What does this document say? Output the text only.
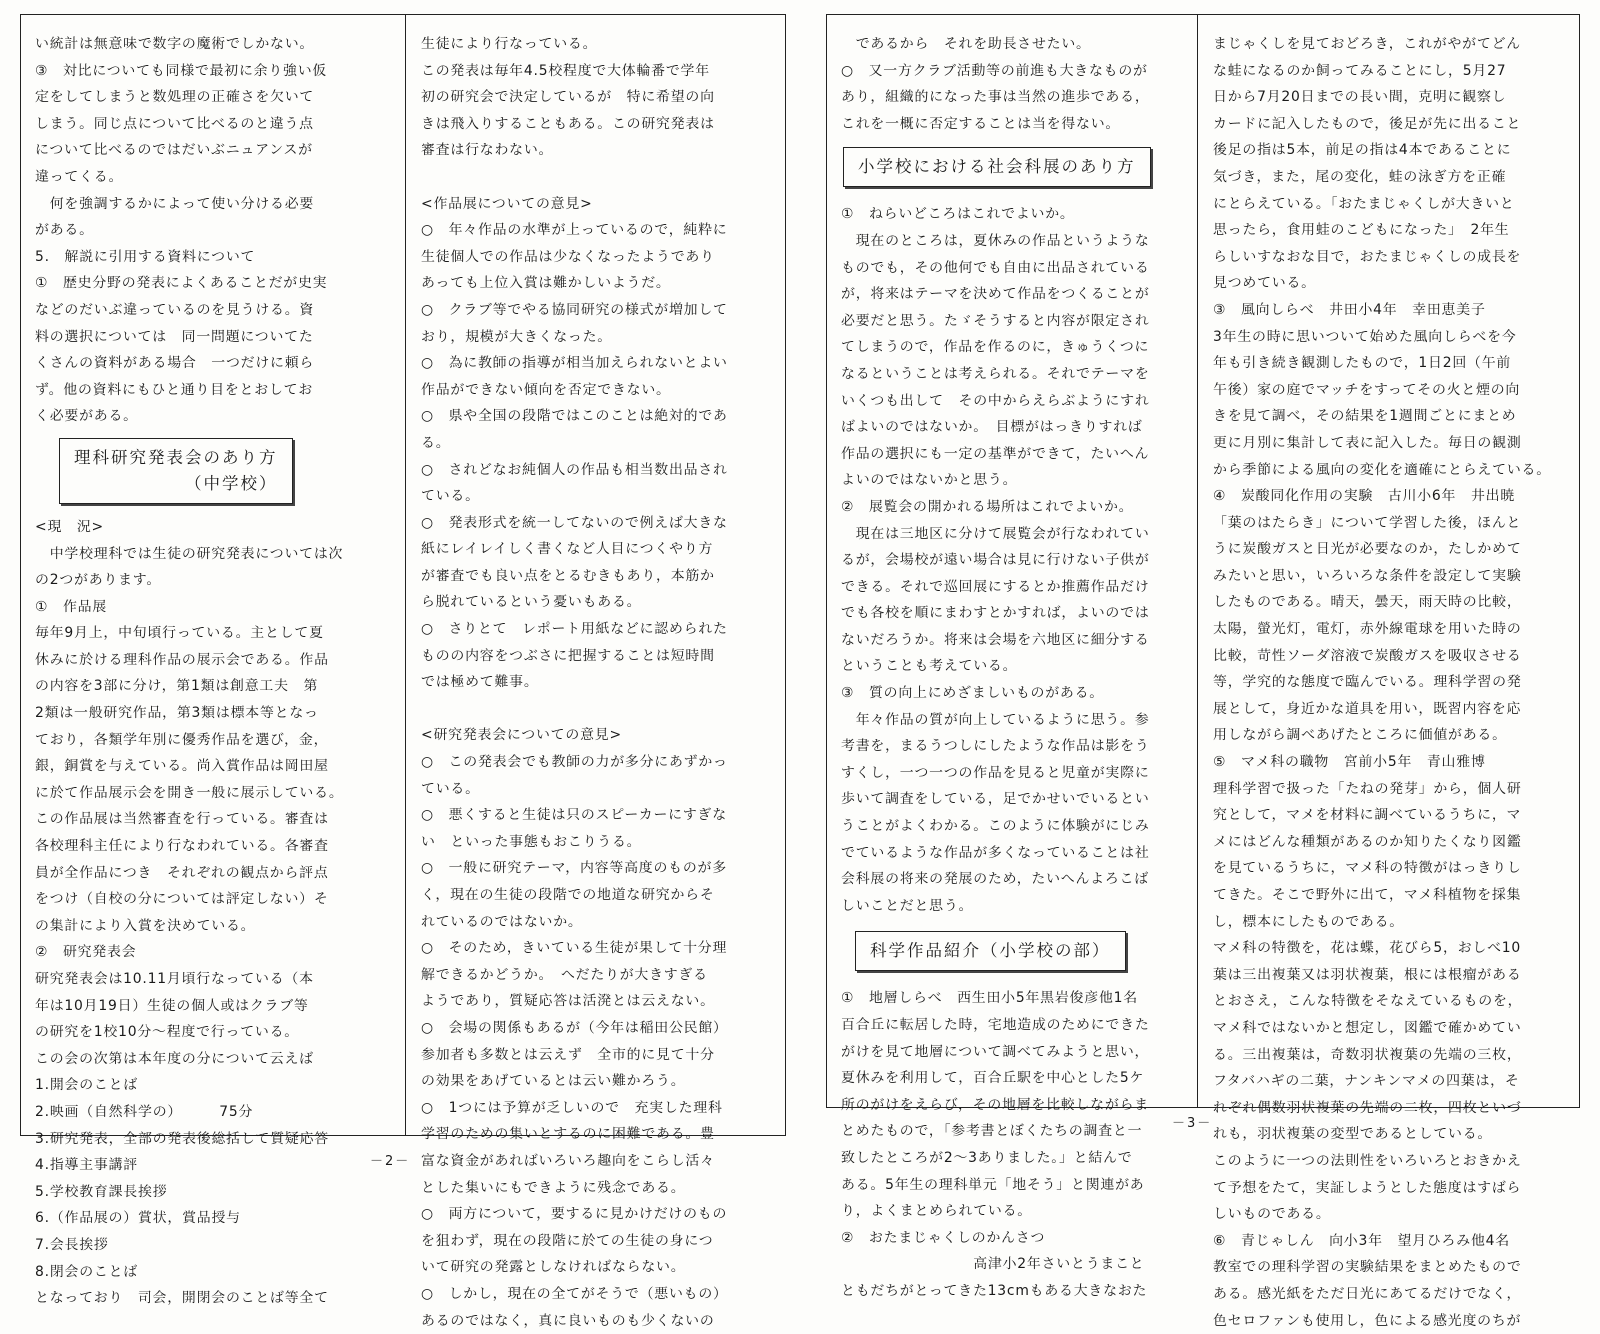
い統計は無意味で数字の魔術でしかない。

③　対比についても同様で最初に余り強い仮

定をしてしまうと数処理の正確さを欠いて

しまう。同じ点について比べるのと違う点

について比べるのではだいぶニュアンスが

違ってくる。

　何を強調するかによって使い分ける必要

がある。

5.　解説に引用する資料について

①　歴史分野の発表によくあることだが史実

などのだいぶ違っているのを見うける。資

料の選択については　同一問題についてた

くさんの資料がある場合　一つだけに頼ら

ず。他の資料にもひと通り目をとおしてお

く必要がある。

理科研究発表会のあり方
（中学校）

<現　況>

　中学校理科では生徒の研究発表については次

の2つがあります。

①　作品展

毎年9月上，中旬頃行っている。主として夏

休みに於ける理科作品の展示会である。作品

の内容を3部に分け，第1類は創意工夫　第

2類は一般研究作品，第3類は標本等となっ

ており，各類学年別に優秀作品を選び，金，

銀，銅賞を与えている。尚入賞作品は岡田屋

に於て作品展示会を開き一般に展示している。

この作品展は当然審査を行っている。審査は

各校理科主任により行なわれている。各審査

員が全作品につき　それぞれの観点から評点

をつけ（自校の分については評定しない）そ

の集計により入賞を決めている。

②　研究発表会

研究発表会は10.11月頃行なっている（本

年は10月19日）生徒の個人或はクラブ等

の研究を1校10分～程度で行っている。

この会の次第は本年度の分について云えば

1.開会のことば

2.映画（自然科学の）　　　75分

3.研究発表，全部の発表後総括して質疑応答

4.指導主事講評

5.学校教育課長挨拶

6.（作品展の）賞状，賞品授与

7.会長挨拶

8.閉会のことば

となっており　司会，開閉会のことば等全て

生徒により行なっている。

この発表は毎年4.5校程度で大体輪番で学年

初の研究会で決定しているが　特に希望の向

きは飛入りすることもある。この研究発表は

審査は行なわない。

<作品展についての意見>

○　年々作品の水準が上っているので，純粋に

生徒個人での作品は少なくなったようであり

あっても上位入賞は難かしいようだ。

○　クラブ等でやる協同研究の様式が増加して

おり，規模が大きくなった。

○　為に教師の指導が相当加えられないとよい

作品ができない傾向を否定できない。

○　県や全国の段階ではこのことは絶対的であ

る。

○　されどなお純個人の作品も相当数出品され

ている。

○　発表形式を統一してないので例えば大きな

紙にレイレイしく書くなど人目につくやり方

が審査でも良い点をとるむきもあり，本筋か

ら脱れているという憂いもある。

○　さりとて　レポート用紙などに認められた

ものの内容をつぶさに把握することは短時間

では極めて難事。

<研究発表会についての意見>

○　この発表会でも教師の力が多分にあずかっ

ている。

○　悪くすると生徒は只のスピーカーにすぎな

い　といった事態もおこりうる。

○　一般に研究テーマ，内容等高度のものが多

く，現在の生徒の段階での地道な研究からそ

れているのではないか。

○　そのため，きいている生徒が果して十分理

解できるかどうか。　へだたりが大きすぎる

ようであり，質疑応答は活溌とは云えない。

○　会場の関係もあるが（今年は稲田公民館）

参加者も多数とは云えず　全市的に見て十分

の効果をあげているとは云い難かろう。

○　1つには予算が乏しいので　充実した理科

学習のための集いとするのに困難である。豊

富な資金があればいろいろ趣向をこらし活々

とした集いにもできように残念である。

○　両方について，要するに見かけだけのもの

を狙わず，現在の段階に於ての生徒の身につ

いて研究の発露としなければならない。

○　しかし，現在の全てがそうで（悪いもの）

あるのではなく，真に良いものも少くないの

－2－

　であるから　それを助長させたい。

○　又一方クラブ活動等の前進も大きなものが

あり，組織的になった事は当然の進歩である，

これを一概に否定することは当を得ない。

小学校における社会科展のあり方

①　ねらいどころはこれでよいか。

　現在のところは，夏休みの作品というような

ものでも，その他何でも自由に出品されている

が，将来はテーマを決めて作品をつくることが

必要だと思う。たゞそうすると内容が限定され

てしまうので，作品を作るのに，きゅうくつに

なるということは考えられる。それでテーマを

いくつも出して　その中からえらぶようにすれ

ばよいのではないか。　目標がはっきりすれば

作品の選択にも一定の基準ができて，たいへん

よいのではないかと思う。

②　展覧会の開かれる場所はこれでよいか。

　現在は三地区に分けて展覧会が行なわれてい

るが，会場校が遠い場合は見に行けない子供が

できる。それで巡回展にするとか推薦作品だけ

でも各校を順にまわすとかすれば，よいのでは

ないだろうか。将来は会場を六地区に細分する

ということも考えている。

③　質の向上にめざましいものがある。

　年々作品の質が向上しているように思う。参

考書を，まるうつしにしたような作品は影をう

すくし，一つ一つの作品を見ると児童が実際に

歩いて調査をしている，足でかせいでいるとい

うことがよくわかる。このように体験がにじみ

でているような作品が多くなっていることは社

会科展の将来の発展のため，たいへんよろこば

しいことだと思う。

科学作品紹介（小学校の部）

①　地層しらべ　西生田小5年黒岩俊彦他1名

百合丘に転居した時，宅地造成のためにできた

がけを見て地層について調べてみようと思い，

夏休みを利用して，百合丘駅を中心とした5ケ

所のがけをえらび，その地層を比較しながらま

とめたもので，「参考書とぼくたちの調査と一

致したところが2～3ありました。」と結んで

ある。5年生の理科単元「地そう」と関連があ

り，よくまとめられている。

②　おたまじゃくしのかんさつ

　　　　　　　　　高津小2年さいとうまこと

ともだちがとってきた13cmもある大きなおた

まじゃくしを見ておどろき，これがやがてどん

な蛙になるのか飼ってみることにし，5月27

日から7月20日までの長い間，克明に観察し

カードに記入したもので，後足が先に出ること

後足の指は5本，前足の指は4本であることに

気づき，また，尾の変化，蛙の泳ぎ方を正確

にとらえている。「おたまじゃくしが大きいと

思ったら，食用蛙のこどもになった」　2年生

らしいすなおな目で，おたまじゃくしの成長を

見つめている。

③　風向しらべ　井田小4年　幸田恵美子

3年生の時に思いついて始めた風向しらべを今

年も引き続き観測したもので，1日2回（午前

午後）家の庭でマッチをすってその火と煙の向

きを見て調べ，その結果を1週間ごとにまとめ

更に月別に集計して表に記入した。毎日の観測

から季節による風向の変化を適確にとらえている。

④　炭酸同化作用の実験　古川小6年　井出暁

「葉のはたらき」について学習した後，ほんと

うに炭酸ガスと日光が必要なのか，たしかめて

みたいと思い，いろいろな条件を設定して実験

したものである。晴天，曇天，雨天時の比較，

太陽，螢光灯，電灯，赤外線電球を用いた時の

比較，苛性ソーダ溶液で炭酸ガスを吸収させる

等，学究的な態度で臨んでいる。理科学習の発

展として，身近かな道具を用い，既習内容を応

用しながら調べあげたところに価値がある。

⑤　マメ科の職物　宮前小5年　青山雅博

理科学習で扱った「たねの発芽」から，個人研

究として，マメを材料に調べているうちに，マ

メにはどんな種類があるのか知りたくなり図鑑

を見ているうちに，マメ科の特徴がはっきりし

てきた。そこで野外に出て，マメ科植物を採集

し，標本にしたものである。

マメ科の特徴を，花は蝶，花びら5，おしべ10

葉は三出複葉又は羽状複葉，根には根瘤がある

とおさえ，こんな特徴をそなえているものを，

マメ科ではないかと想定し，図鑑で確かめてい

る。三出複葉は，奇数羽状複葉の先端の三枚，

フタバハギの二葉，ナンキンマメの四葉は，そ

れぞれ偶数羽状複葉の先端の二枚，四枚といづ

れも，羽状複葉の変型であるとしている。

このように一つの法則性をいろいろとおきかえ

て予想をたて，実証しようとした態度はすばら

しいものである。

⑥　青じゃしん　向小3年　望月ひろみ他4名

教室での理科学習の実験結果をまとめたもので

ある。感光紙をただ日光にあてるだけでなく，

色セロファンも使用し，色による感光度のちが

－3－
